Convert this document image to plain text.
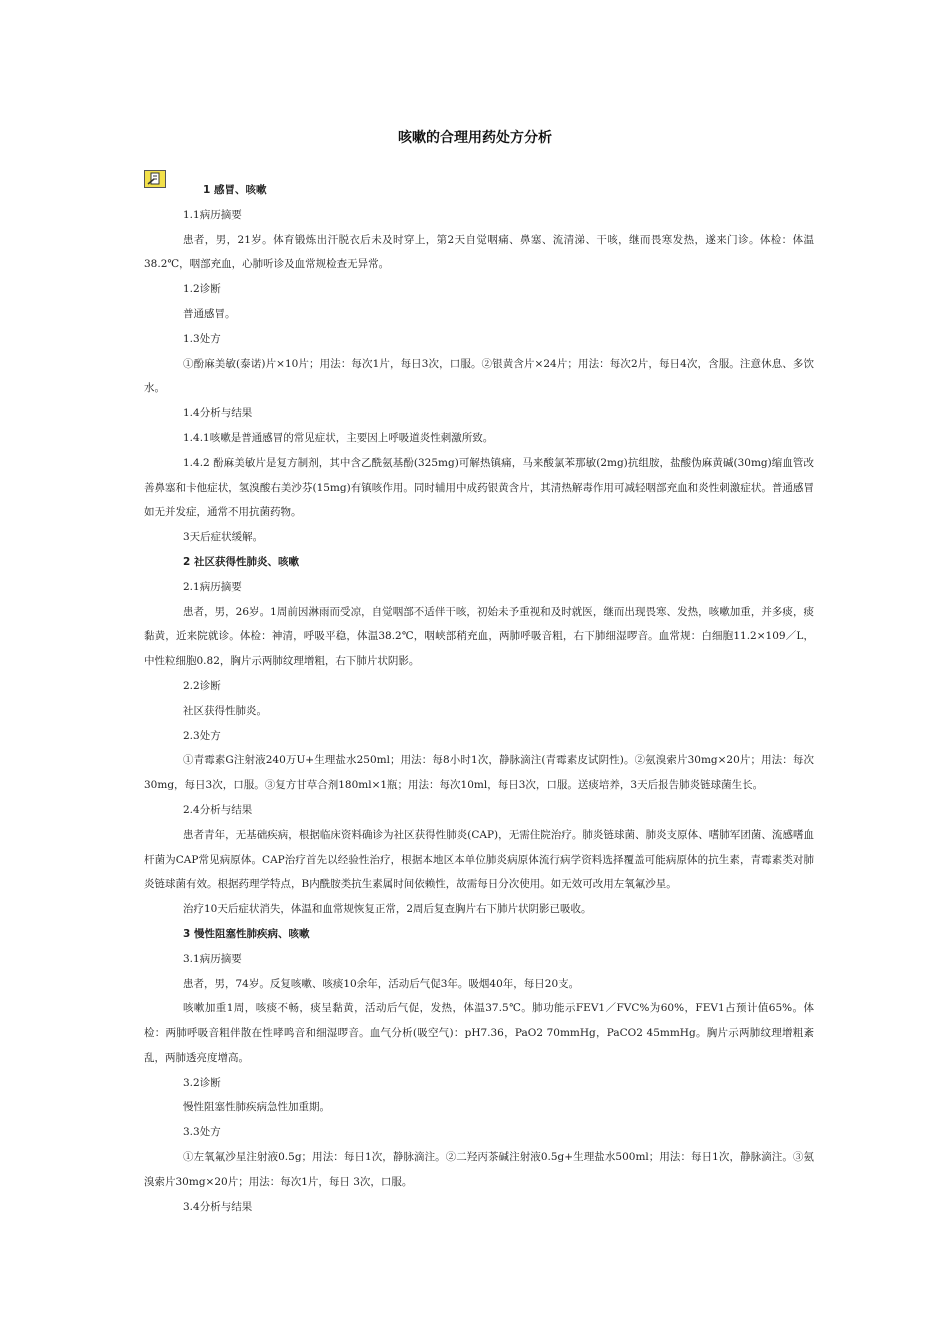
咳嗽的合理用药处方分析

1 感冒、咳嗽

1.1病历摘要

患者，男，21岁。体育锻炼出汗脱衣后未及时穿上，第2天自觉咽痛、鼻塞、流清涕、干咳，继而畏寒发热，遂来门诊。体检：体温38.2℃，咽部充血，心肺听诊及血常规检查无异常。

1.2诊断

普通感冒。

1.3处方

①酚麻美敏(泰诺)片×10片；用法：每次1片，每日3次，口服。②银黄含片×24片；用法：每次2片，每日4次，含服。注意休息、多饮水。

1.4分析与结果

1.4.1咳嗽是普通感冒的常见症状，主要因上呼吸道炎性刺激所致。

1.4.2 酚麻美敏片是复方制剂，其中含乙酰氨基酚(325mg)可解热镇痛，马来酸氯苯那敏(2mg)抗组胺，盐酸伪麻黄碱(30mg)缩血管改善鼻塞和卡他症状，氢溴酸右美沙芬(15mg)有镇咳作用。同时辅用中成药银黄含片，其清热解毒作用可减轻咽部充血和炎性刺激症状。普通感冒如无并发症，通常不用抗菌药物。

3天后症状缓解。

2 社区获得性肺炎、咳嗽

2.1病历摘要

患者，男，26岁。1周前因淋雨而受凉，自觉咽部不适伴干咳，初始未予重视和及时就医，继而出现畏寒、发热，咳嗽加重，并多痰，痰黏黄，近来院就诊。体检：神清，呼吸平稳，体温38.2℃，咽峡部稍充血，两肺呼吸音粗，右下肺细湿啰音。血常规：白细胞11.2×109／L，中性粒细胞0.82，胸片示两肺纹理增粗，右下肺片状阴影。

2.2诊断

社区获得性肺炎。

2.3处方

①青霉素G注射液240万U+生理盐水250ml；用法：每8小时1次，静脉滴注(青霉素皮试阴性)。②氨溴索片30mg×20片；用法：每次30mg，每日3次，口服。③复方甘草合剂180ml×1瓶；用法：每次10ml，每日3次，口服。送痰培养，3天后报告肺炎链球菌生长。

2.4分析与结果

患者青年，无基础疾病，根据临床资料确诊为社区获得性肺炎(CAP)，无需住院治疗。肺炎链球菌、肺炎支原体、嗜肺军团菌、流感嗜血杆菌为CAP常见病原体。CAP治疗首先以经验性治疗，根据本地区本单位肺炎病原体流行病学资料选择覆盖可能病原体的抗生素，青霉素类对肺炎链球菌有效。根据药理学特点，B内酰胺类抗生素属时间依赖性，故需每日分次使用。如无效可改用左氧氟沙星。

治疗10天后症状消失，体温和血常规恢复正常，2周后复查胸片右下肺片状阴影已吸收。

3 慢性阻塞性肺疾病、咳嗽

3.1病历摘要

患者，男，74岁。反复咳嗽、咳痰10余年，活动后气促3年。吸烟40年，每日20支。

咳嗽加重1周，咳痰不畅，痰呈黏黄，活动后气促，发热，体温37.5℃。肺功能示FEV1／FVC%为60%，FEV1占预计值65%。体检：两肺呼吸音粗伴散在性哮鸣音和细湿啰音。血气分析(吸空气)：pH7.36，PaO2 70mmHg，PaCO2 45mmHg。胸片示两肺纹理增粗紊乱，两肺透亮度增高。

3.2诊断

慢性阻塞性肺疾病急性加重期。

3.3处方

①左氧氟沙星注射液0.5g；用法：每日1次，静脉滴注。②二羟丙茶碱注射液0.5g+生理盐水500ml；用法：每日1次，静脉滴注。③氨溴索片30mg×20片；用法：每次1片，每日 3次，口服。

3.4分析与结果
